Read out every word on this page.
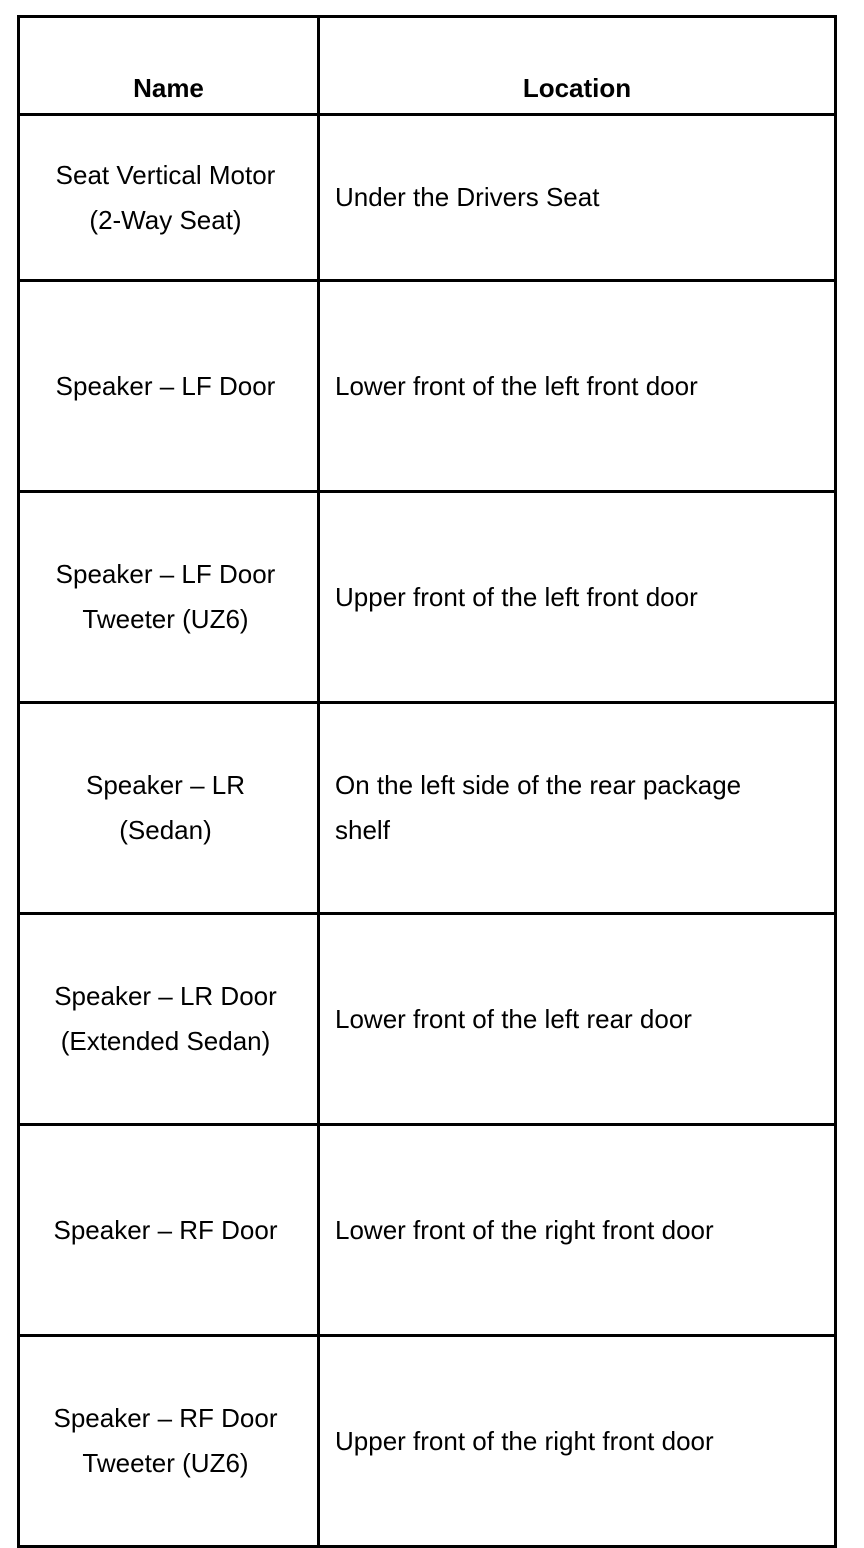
Name	Location

Seat Vertical Motor
(2-Way Seat)	Under the Drivers Seat

Speaker – LF Door	Lower front of the left front door

Speaker – LF Door
Tweeter (UZ6)	Upper front of the left front door

Speaker – LR
(Sedan)	On the left side of the rear package
shelf

Speaker – LR Door
(Extended Sedan)	Lower front of the left rear door

Speaker – RF Door	Lower front of the right front door

Speaker – RF Door
Tweeter (UZ6)	Upper front of the right front door
